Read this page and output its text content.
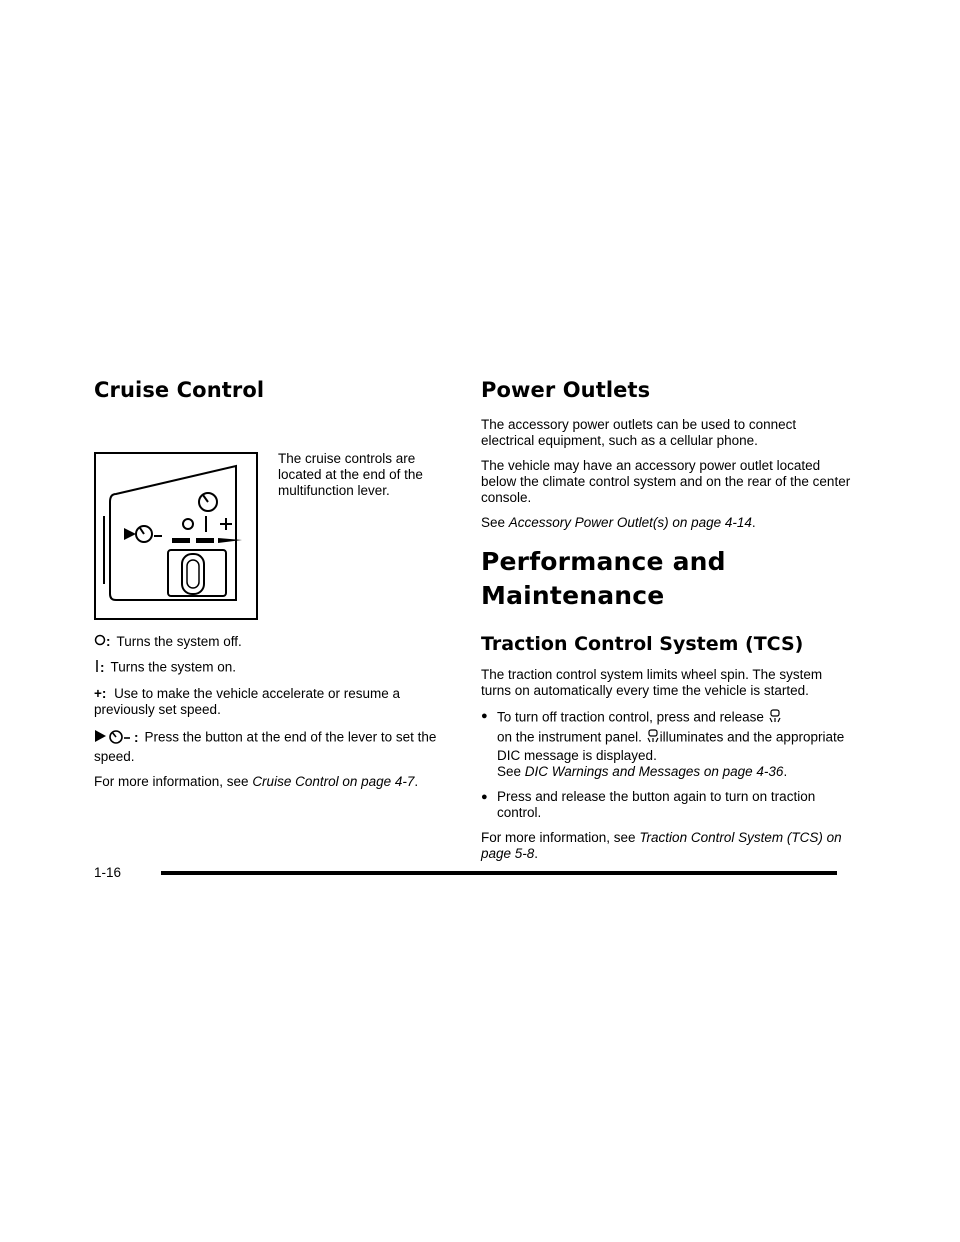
Cruise Control

The cruise controls are located at the end of the multifunction lever.

: Turns the system off.

: Turns the system on.

+: Use to make the vehicle accelerate or resume a previously set speed.

: Press the button at the end of the lever to set the speed.

For more information, see Cruise Control on page 4-7.

Power Outlets

The accessory power outlets can be used to connect electrical equipment, such as a cellular phone.

The vehicle may have an accessory power outlet located below the climate control system and on the rear of the center console.

See Accessory Power Outlet(s) on page 4-14.

Performance and Maintenance
Traction Control System (TCS)

The traction control system limits wheel spin. The system turns on automatically every time the vehicle is started.

● To turn off traction control, press and release
on the instrument panel. illuminates and the appropriate DIC message is displayed.
See DIC Warnings and Messages on page 4-36.
● Press and release the button again to turn on traction control.

For more information, see Traction Control System (TCS) on page 5-8.

1-16
